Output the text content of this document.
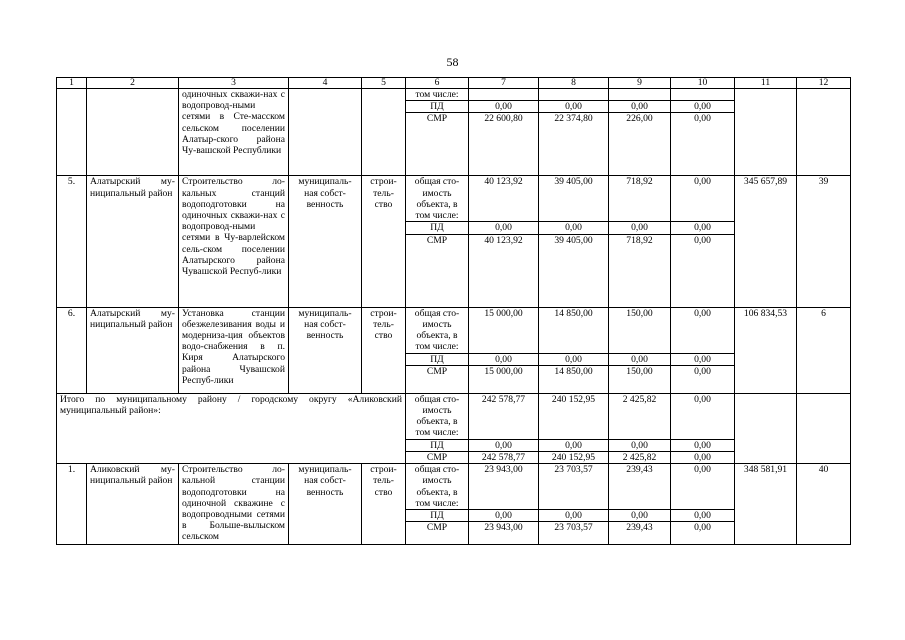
58
1	2	3	4	5	6	7	8	9	10	11	12
		одиночных скважи-нах с водопровод-ными сетями в Сте-масском сельском поселении Алатыр-ского района Чу-вашской Республики			том числе:						
					ПД	0,00	0,00	0,00	0,00		
					СМР	22 600,80	22 374,80	226,00	0,00		
5.	Алатырский му-ниципальный район	Строительство ло-кальных станций водоподготовки на одиночных скважи-нах с водопровод-ными сетями в Чу-варлейском сель-ском поселении Алатырского района Чувашской Респуб-лики	муниципаль-ная собст-венность	строи-тель-ство	общая сто-имость объекта, в том числе:	40 123,92	39 405,00	718,92	0,00	345 657,89	39
					ПД	0,00	0,00	0,00	0,00		
					СМР	40 123,92	39 405,00	718,92	0,00		
6.	Алатырский му-ниципальный район	Установка станции обезжелезивания воды и модерниза-ция объектов водо-снабжения в п. Киря Алатырского района Чувашской Респуб-лики	муниципаль-ная собст-венность	строи-тель-ство	общая сто-имость объекта, в том числе:	15 000,00	14 850,00	150,00	0,00	106 834,53	6
					ПД	0,00	0,00	0,00	0,00		
					СМР	15 000,00	14 850,00	150,00	0,00		
Итого по муниципальному району / городскому округу «Аликовский муниципальный район»:					общая сто-имость объекта, в том числе:	242 578,77	240 152,95	2 425,82	0,00		
					ПД	0,00	0,00	0,00	0,00		
					СМР	242 578,77	240 152,95	2 425,82	0,00		
1.	Аликовский му-ниципальный район	Строительство ло-кальной станции водоподготовки на одиночной скважине с водопроводными сетями в Больше-вылыском сельском	муниципаль-ная собст-венность	строи-тель-ство	общая сто-имость объекта, в том числе:	23 943,00	23 703,57	239,43	0,00	348 581,91	40
					ПД	0,00	0,00	0,00	0,00		
					СМР	23 943,00	23 703,57	239,43	0,00		
